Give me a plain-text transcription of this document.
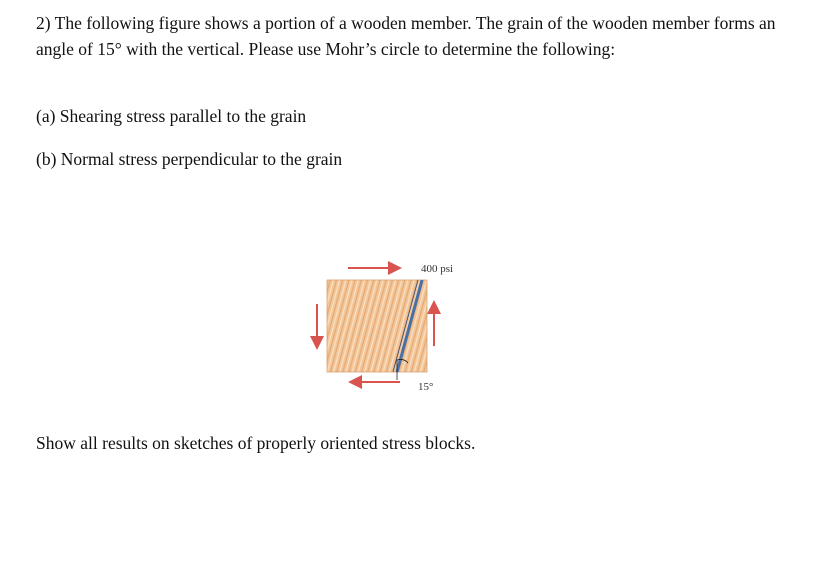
2) The following figure shows a portion of a wooden member. The grain of the wooden member forms an angle of 15° with the vertical. Please use Mohr’s circle to determine the following:

(a) Shearing stress parallel to the grain

(b) Normal stress perpendicular to the grain

400 psi
15°

Show all results on sketches of properly oriented stress blocks.
